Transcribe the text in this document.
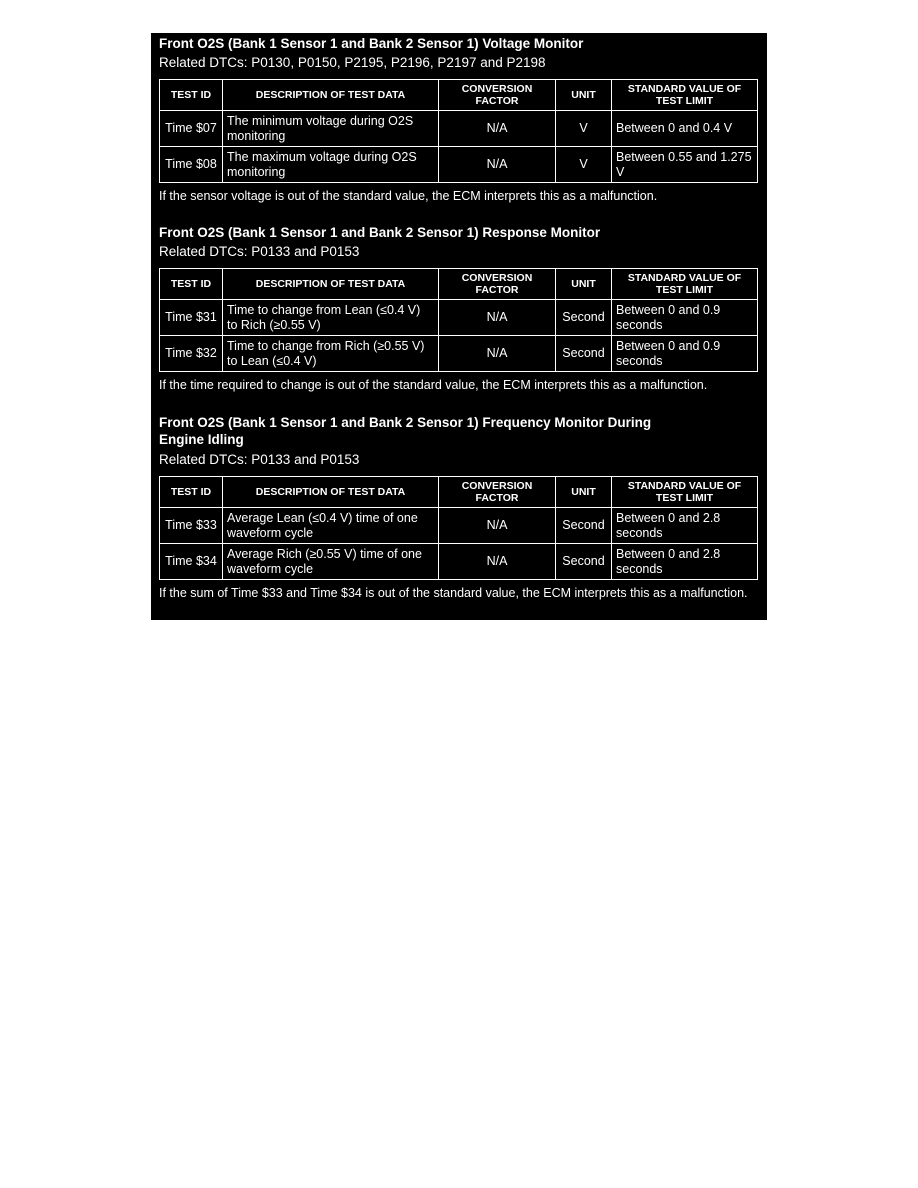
Front O2S (Bank 1 Sensor 1 and Bank 2 Sensor 1) Voltage Monitor
Related DTCs: P0130, P0150, P2195, P2196, P2197 and P2198
TEST ID	DESCRIPTION OF TEST DATA	CONVERSION FACTOR	UNIT	STANDARD VALUE OF TEST LIMIT

Time $07	The minimum voltage during O2S monitoring	N/A	V	Between 0 and 0.4 V

Time $08	The maximum voltage during O2S monitoring	N/A	V	Between 0.55 and 1.275 V
If the sensor voltage is out of the standard value, the ECM interprets this as a malfunction.
Front O2S (Bank 1 Sensor 1 and Bank 2 Sensor 1) Response Monitor
Related DTCs: P0133 and P0153
TEST ID	DESCRIPTION OF TEST DATA	CONVERSION FACTOR	UNIT	STANDARD VALUE OF TEST LIMIT

Time $31	Time to change from Lean (≤0.4 V) to Rich (≥0.55 V)	N/A	Second	Between 0 and 0.9 seconds

Time $32	Time to change from Rich (≥0.55 V) to Lean (≤0.4 V)	N/A	Second	Between 0 and 0.9 seconds
If the time required to change is out of the standard value, the ECM interprets this as a malfunction.
Front O2S (Bank 1 Sensor 1 and Bank 2 Sensor 1) Frequency Monitor During
Engine Idling
Related DTCs: P0133 and P0153
TEST ID	DESCRIPTION OF TEST DATA	CONVERSION FACTOR	UNIT	STANDARD VALUE OF TEST LIMIT

Time $33	Average Lean (≤0.4 V) time of one waveform cycle	N/A	Second	Between 0 and 2.8 seconds

Time $34	Average Rich (≥0.55 V) time of one waveform cycle	N/A	Second	Between 0 and 2.8 seconds
If the sum of Time $33 and Time $34 is out of the standard value, the ECM interprets this as a malfunction.
